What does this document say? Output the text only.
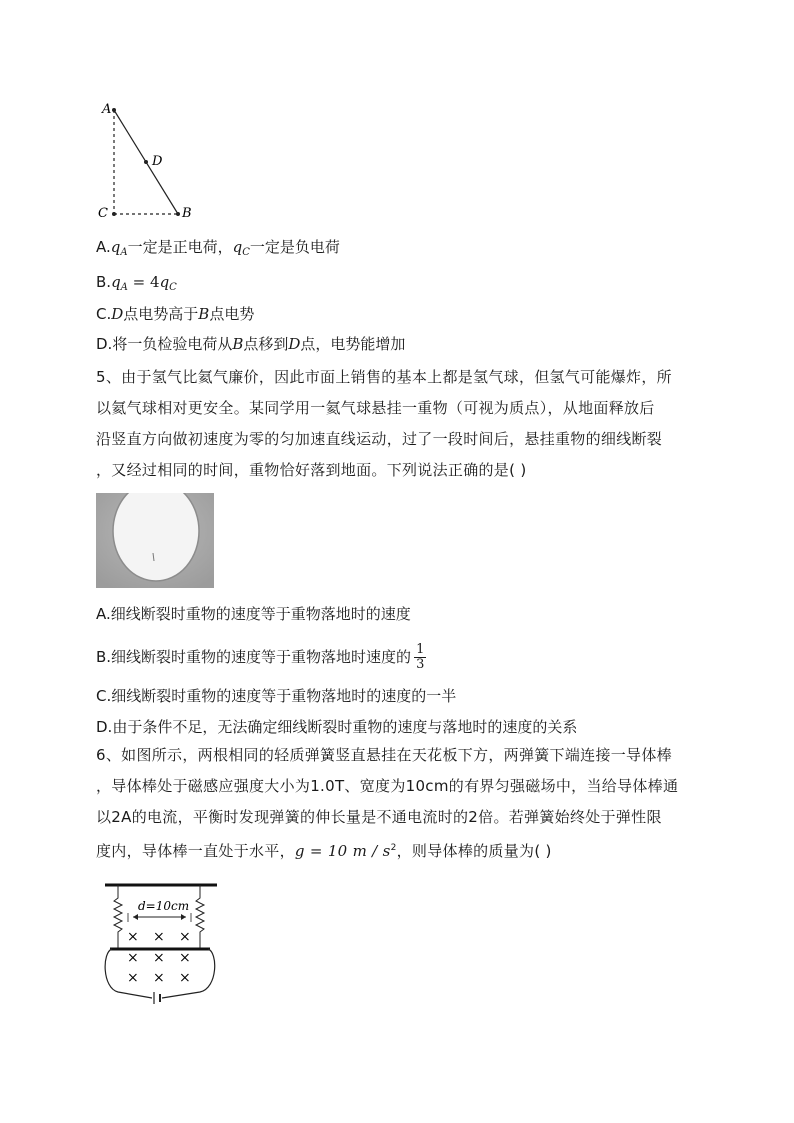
A
D
C	B
$A.q_A$一定是正电荷，$q_C$一定是负电荷
$B.q_A = 4q_C$
C.D点电势高于B点电势
D.将一负检验电荷从B点移到D点，电势能增加
5、由于氢气比氦气廉价，因此市面上销售的基本上都是氢气球，但氢气可能爆炸，所
以氦气球相对更安全。某同学用一氦气球悬挂一重物（可视为质点），从地面释放后
沿竖直方向做初速度为零的匀加速直线运动，过了一段时间后，悬挂重物的细线断裂
，又经过相同的时间，重物恰好落到地面。下列说法正确的是( )
A.细线断裂时重物的速度等于重物落地时的速度
B.细线断裂时重物的速度等于重物落地时速度的 $\frac{1}{3}$
C.细线断裂时重物的速度等于重物落地时的速度的一半
D.由于条件不足，无法确定细线断裂时重物的速度与落地时的速度的关系
6、如图所示，两根相同的轻质弹簧竖直悬挂在天花板下方，两弹簧下端连接一导体棒
，导体棒处于磁感应强度大小为1.0T、宽度为10cm的有界匀强磁场中，当给导体棒通
以2A的电流，平衡时发现弹簧的伸长量是不通电流时的2倍。若弹簧始终处于弹性限
度内，导体棒一直处于水平，g = 10 m / $s^2$，则导体棒的质量为( )
d=10cm
× × ×
× × ×
× × ×
